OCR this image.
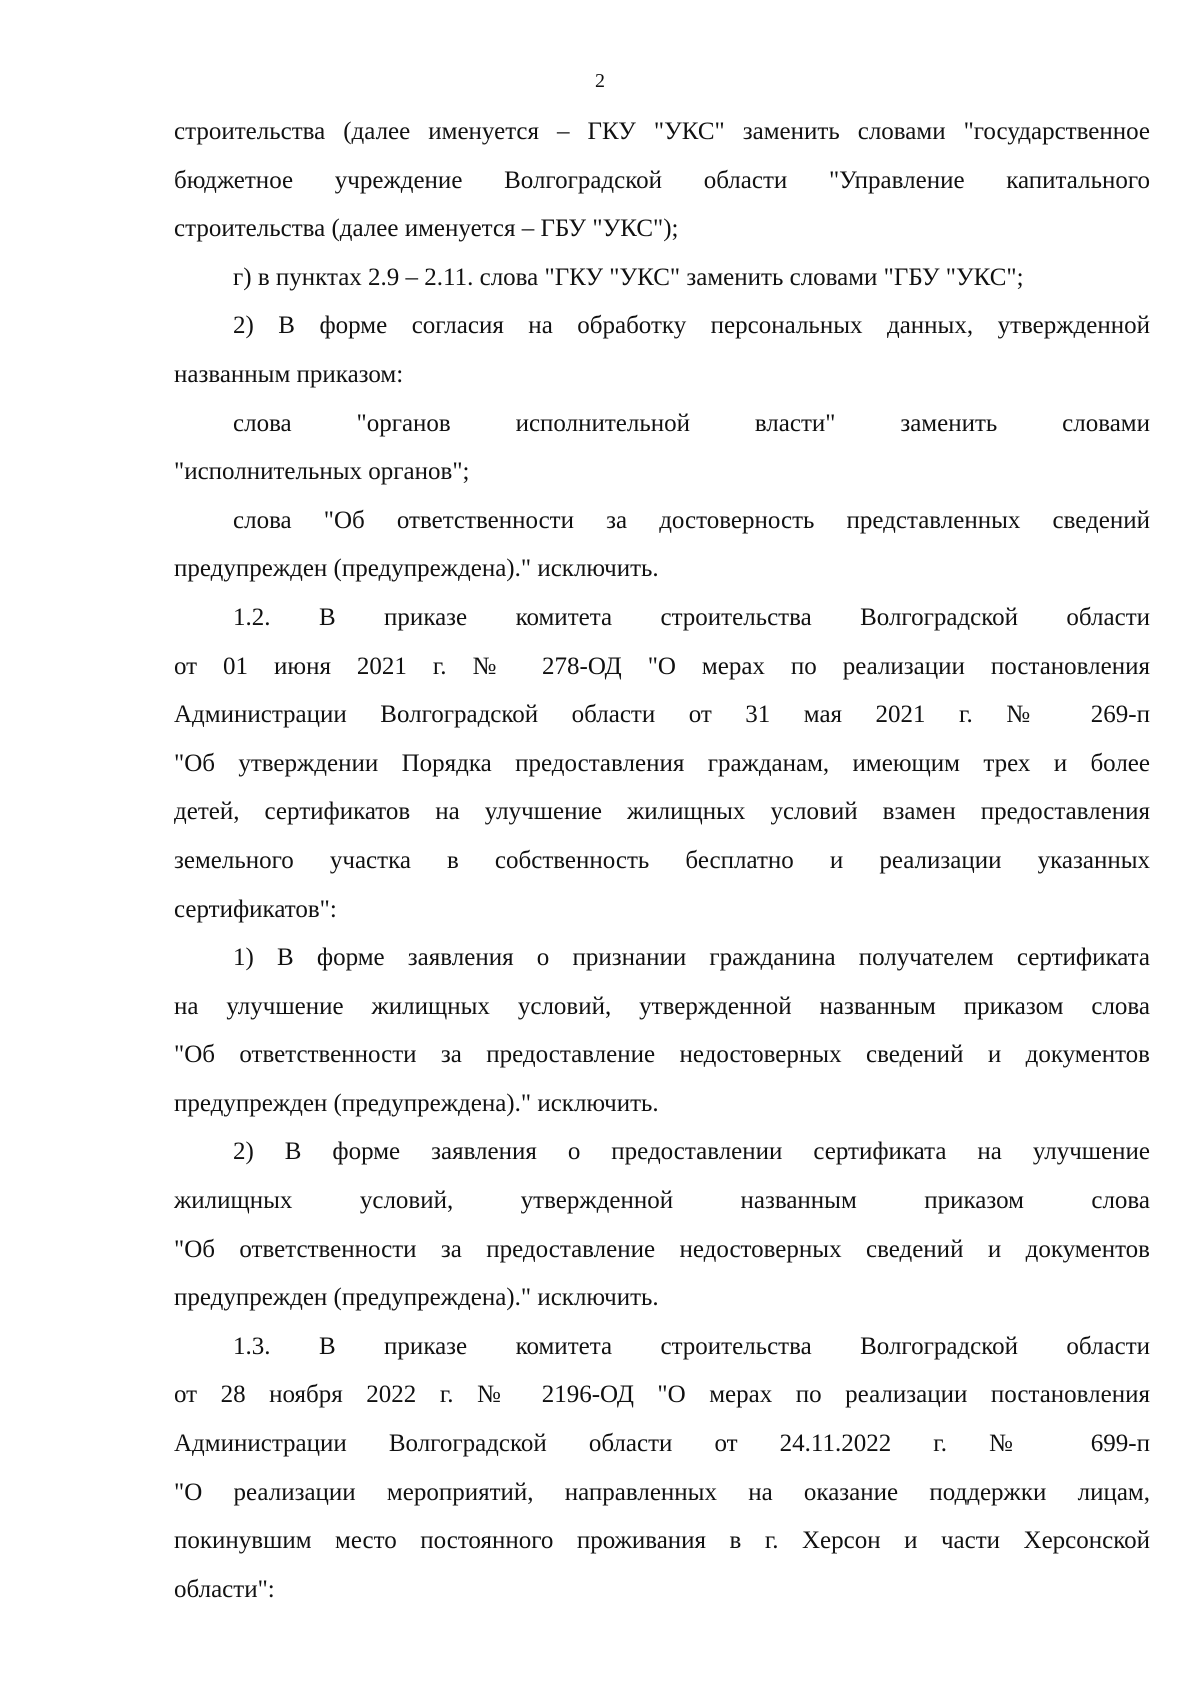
2
строительства (далее именуется – ГКУ "УКС" заменить словами "государственное
бюджетное учреждение Волгоградской области "Управление капитального
строительства (далее именуется – ГБУ "УКС");
г) в пунктах 2.9 – 2.11. слова "ГКУ "УКС" заменить словами "ГБУ "УКС";
2) В форме согласия на обработку персональных данных, утвержденной
названным приказом:
слова "органов исполнительной власти" заменить словами
"исполнительных органов";
слова "Об ответственности за достоверность представленных сведений
предупрежден (предупреждена)." исключить.
1.2. В приказе комитета строительства Волгоградской области
от 01 июня 2021 г. № 278-ОД "О мерах по реализации постановления
Администрации Волгоградской области от 31 мая 2021 г. № 269-п
"Об утверждении Порядка предоставления гражданам, имеющим трех и более
детей, сертификатов на улучшение жилищных условий взамен предоставления
земельного участка в собственность бесплатно и реализации указанных
сертификатов":
1) В форме заявления о признании гражданина получателем сертификата
на улучшение жилищных условий, утвержденной названным приказом слова
"Об ответственности за предоставление недостоверных сведений и документов
предупрежден (предупреждена)." исключить.
2) В форме заявления о предоставлении сертификата на улучшение
жилищных условий, утвержденной названным приказом слова
"Об ответственности за предоставление недостоверных сведений и документов
предупрежден (предупреждена)." исключить.
1.3. В приказе комитета строительства Волгоградской области
от 28 ноября 2022 г. № 2196-ОД "О мерах по реализации постановления
Администрации Волгоградской области от 24.11.2022 г. № 699-п
"О реализации мероприятий, направленных на оказание поддержки лицам,
покинувшим место постоянного проживания в г. Херсон и части Херсонской
области":
